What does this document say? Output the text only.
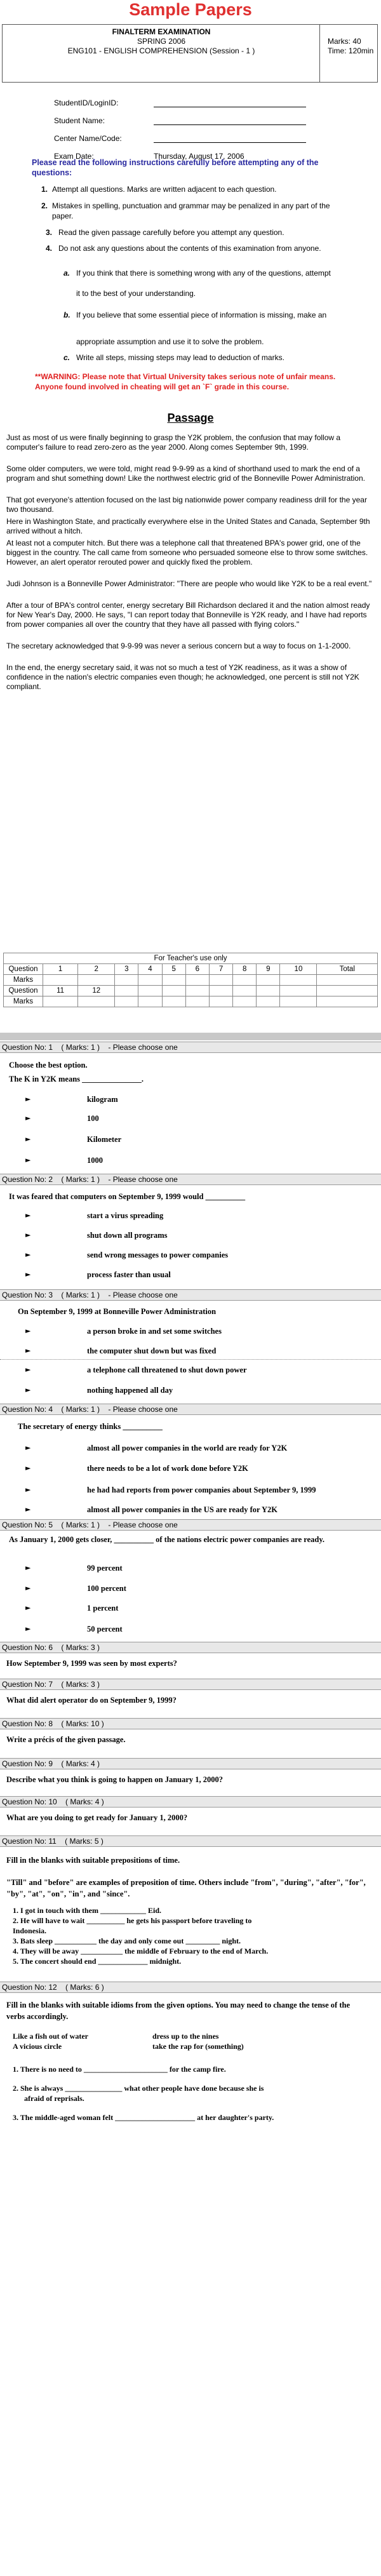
Sample Papers
FINALTERM EXAMINATION
SPRING 2006
ENG101 - ENGLISH COMPREHENSION (Session - 1 )
Marks: 40
Time: 120min
StudentID/LoginID:
Student Name:
Center Name/Code:
Exam Date:	Thursday, August 17, 2006
Please read the following instructions carefully before attempting any of the questions:
1. Attempt all questions. Marks are written adjacent to each question.
2. Mistakes in spelling, punctuation and grammar may be penalized in any part of the
paper.
3. Read the given passage carefully before you attempt any question.
4. Do not ask any questions about the contents of this examination from anyone.
a. If you think that there is something wrong with any of the questions, attempt
it to the best of your understanding.
b. If you believe that some essential piece of information is missing, make an
appropriate assumption and use it to solve the problem.
c. Write all steps, missing steps may lead to deduction of marks.
**WARNING: Please note that Virtual University takes serious note of unfair means. Anyone found involved in cheating will get an `F` grade in this course.
Passage
Just as most of us were finally beginning to grasp the Y2K problem, the confusion that may follow a computer's failure to read zero-zero as the year 2000. Along comes September 9th, 1999.
Some older computers, we were told, might read 9-9-99 as a kind of shorthand used to mark the end of a program and shut something down! Like the northwest electric grid of the Bonneville Power Administration.
That got everyone's attention focused on the last big nationwide power company readiness drill for the year two thousand.
Here in Washington State, and practically everywhere else in the United States and Canada, September 9th arrived without a hitch.
At least not a computer hitch. But there was a telephone call that threatened BPA's power grid, one of the biggest in the country. The call came from someone who persuaded someone else to throw some switches. However, an alert operator rerouted power and quickly fixed the problem.
Judi Johnson is a Bonneville Power Administrator: "There are people who would like Y2K to be a real event."
After a tour of BPA's control center, energy secretary Bill Richardson declared it and the nation almost ready for New Year's Day, 2000. He says, "I can report today that Bonneville is Y2K ready, and I have had reports from power companies all over the country that they have all passed with flying colors."
The secretary acknowledged that 9-9-99 was never a serious concern but a way to focus on 1-1-2000.
In the end, the energy secretary said, it was not so much a test of Y2K readiness, as it was a show of confidence in the nation's electric companies even though; he acknowledged, one percent is still not Y2K compliant.
For Teacher's use only											
Question	1	2	3	4	5	6	7	8	9	10	Total
Marks											
Question	11	12									
Marks											
Question No: 1    ( Marks: 1 )    - Please choose one
Choose the best option.
The K in Y2K means _______________.
►	kilogram
►	100
►	Kilometer
►	1000
Question No: 2    ( Marks: 1 )    - Please choose one
It was feared that computers on September 9, 1999 would __________
►	start a virus spreading
►	shut down all programs
►	send wrong messages to power companies
►	process faster than usual
Question No: 3    ( Marks: 1 )    - Please choose one
On September 9, 1999 at Bonneville Power Administration
►	a person broke in and set some switches
►	the computer shut down but was fixed
►	a telephone call threatened to shut down power
►	nothing happened all day
Question No: 4    ( Marks: 1 )    - Please choose one
The secretary of energy thinks __________
►	almost all power companies in the world are ready for Y2K
►	there needs to be a lot of work done before Y2K
►	he had had reports from power companies about September 9, 1999
►	almost all power companies in the US are ready for Y2K
Question No: 5    ( Marks: 1 )    - Please choose one
As January 1, 2000 gets closer, __________ of the nations electric power companies are ready.
►	99 percent
►	100 percent
►	1 percent
►	50 percent
Question No: 6    ( Marks: 3 )
How September 9, 1999 was seen by most experts?
Question No: 7    ( Marks: 3 )
What did alert operator do on September 9, 1999?
Question No: 8    ( Marks: 10 )
Write a précis of the given passage.
Question No: 9    ( Marks: 4 )
Describe what you think is going to happen on January 1, 2000?
Question No: 10    ( Marks: 4 )
What are you doing to get ready for January 1, 2000?
Question No: 11    ( Marks: 5 )
Fill in the blanks with suitable prepositions of time.
"Till" and "before" are examples of preposition of time. Others include "from", "during", "after", "for", "by", "at", "on", "in", and "since".
1. I got in touch with them ____________ Eid.
2. He will have to wait __________ he gets his passport before traveling to
Indonesia.
3. Bats sleep ___________ the day and only come out _________ night.
4. They will be away ___________ the middle of February to the end of March.
5. The concert should end _____________ midnight.
Question No: 12    ( Marks: 6 )
Fill in the blanks with suitable idioms from the given options. You may need to change the tense of the verbs accordingly.
Like a fish out of water	dress up to the nines
A vicious circle	take the rap for (something)
1. There is no need to ______________________ for the camp fire.
2. She is always _______________ what other people have done because she is
afraid of reprisals.
3. The middle-aged woman felt _____________________ at her daughter's party.
